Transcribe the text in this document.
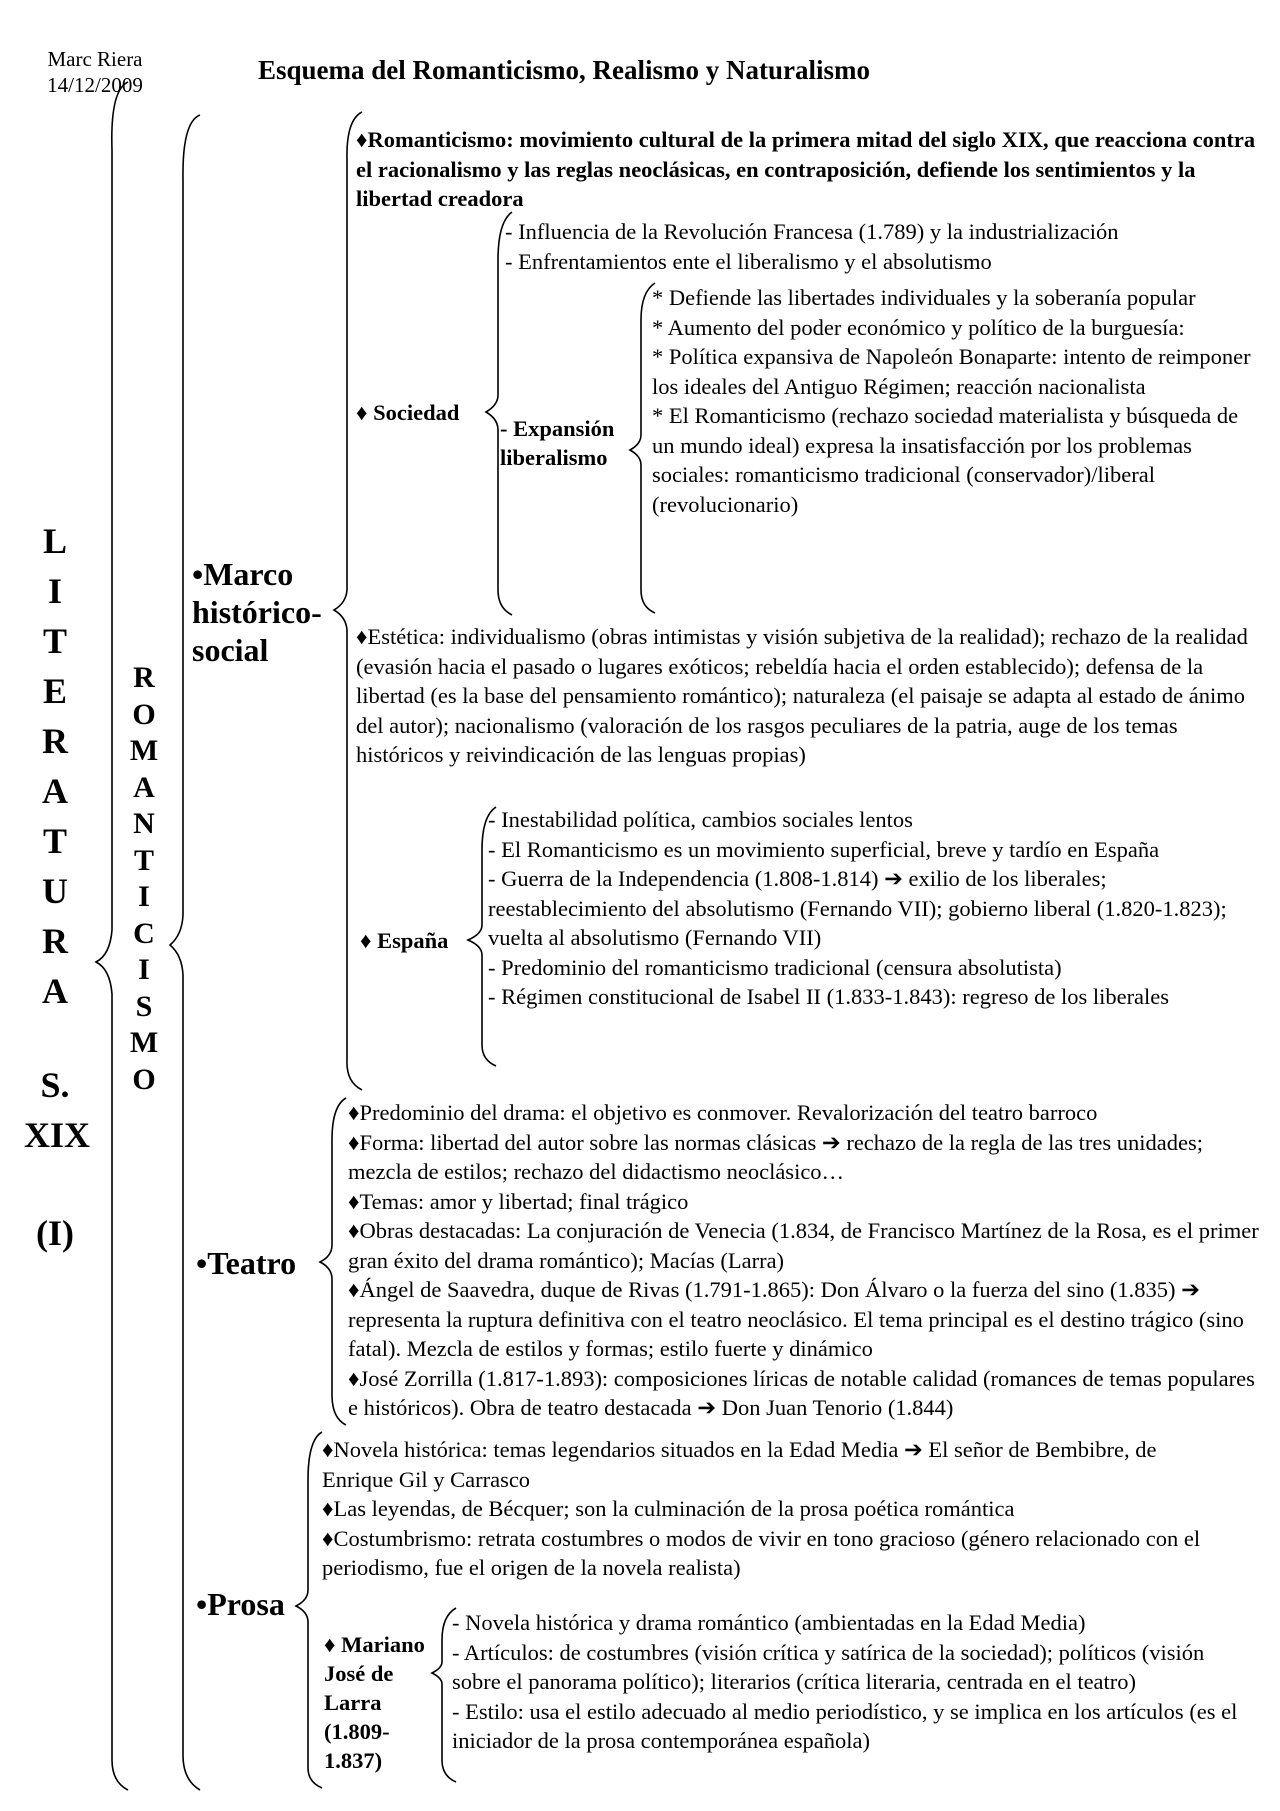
Marc Riera
14/12/2009	Esquema del Romanticismo, Realismo y Naturalismo
L
I
T
E
R
A
T
U
R
A
S.
XIX
(I)
R
O
M
A
N
T
I
C
I
S
M
O
•Marco
histórico-
social

♦ Romanticismo: movimiento cultural de la primera mitad del siglo XIX, que reacciona contra el racionalismo y las reglas neoclásicas, en contraposición, defiende los sentimientos y la libertad creadora

♦ Sociedad

- Influencia de la Revolución Francesa (1.789) y la industrialización

- Enfrentamientos ente el liberalismo y el absolutismo

- Expansión
liberalismo

* Defiende las libertades individuales y la soberanía popular

* Aumento del poder económico y político de la burguesía:

* Política expansiva de Napoleón Bonaparte: intento de reimponer los ideales del Antiguo Régimen; reacción nacionalista

* El Romanticismo (rechazo sociedad materialista y búsqueda de un mundo ideal) expresa la insatisfacción por los problemas sociales: romanticismo tradicional (conservador)/liberal (revolucionario)

♦ Estética: individualismo (obras intimistas y visión subjetiva de la realidad); rechazo de la realidad (evasión hacia el pasado o lugares exóticos; rebeldía hacia el orden establecido); defensa de la libertad (es la base del pensamiento romántico); naturaleza (el paisaje se adapta al estado de ánimo del autor); nacionalismo (valoración de los rasgos peculiares de la patria, auge de los temas históricos y reivindicación de las lenguas propias)

♦ España

- Inestabilidad política, cambios sociales lentos

- El Romanticismo es un movimiento superficial, breve y tardío en España

- Guerra de la Independencia (1.808-1.814) ➔ exilio de los liberales; reestablecimiento del absolutismo (Fernando VII); gobierno liberal (1.820-1.823); vuelta al absolutismo (Fernando VII)

- Predominio del romanticismo tradicional (censura absolutista)

- Régimen constitucional de Isabel II (1.833-1.843): regreso de los liberales

•Teatro

♦ Predominio del drama: el objetivo es conmover. Revalorización del teatro barroco

♦ Forma: libertad del autor sobre las normas clásicas ➔ rechazo de la regla de las tres unidades; mezcla de estilos; rechazo del didactismo neoclásico…

♦ Temas: amor y libertad; final trágico

♦ Obras destacadas: La conjuración de Venecia (1.834, de Francisco Martínez de la Rosa, es el primer gran éxito del drama romántico); Macías (Larra)

♦ Ángel de Saavedra, duque de Rivas (1.791-1.865): Don Álvaro o la fuerza del sino (1.835) ➔ representa la ruptura definitiva con el teatro neoclásico. El tema principal es el destino trágico (sino fatal). Mezcla de estilos y formas; estilo fuerte y dinámico

♦ José Zorrilla (1.817-1.893): composiciones líricas de notable calidad (romances de temas populares e históricos). Obra de teatro destacada ➔ Don Juan Tenorio (1.844)

•Prosa

♦ Novela histórica: temas legendarios situados en la Edad Media ➔ El señor de Bembibre, de Enrique Gil y Carrasco

♦ Las leyendas, de Bécquer; son la culminación de la prosa poética romántica

♦ Costumbrismo: retrata costumbres o modos de vivir en tono gracioso (género relacionado con el periodismo, fue el origen de la novela realista)

♦ Mariano
José de
Larra
(1.809-
1.837)

- Novela histórica y drama romántico (ambientadas en la Edad Media)

- Artículos: de costumbres (visión crítica y satírica de la sociedad); políticos (visión sobre el panorama político); literarios (crítica literaria, centrada en el teatro)

- Estilo: usa el estilo adecuado al medio periodístico, y se implica en los artículos (es el iniciador de la prosa contemporánea española)
